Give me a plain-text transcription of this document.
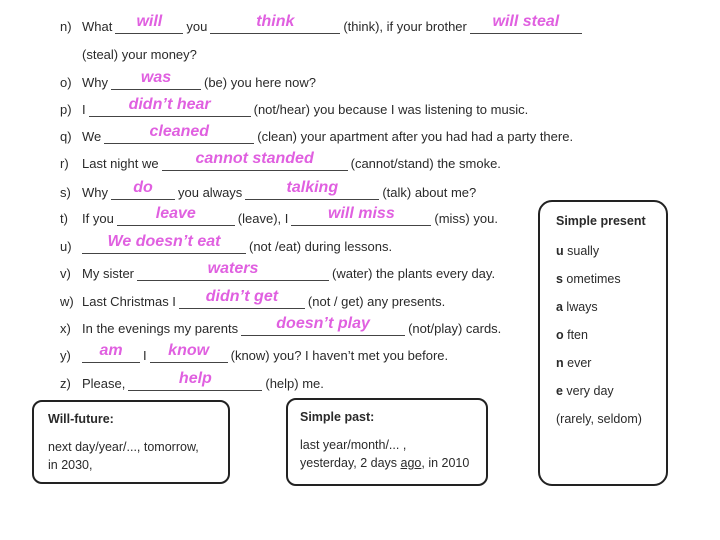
n) What will you	think	(think), if your brother will steal
(steal) your money?
o) Why was	(be) you here now?
p) I	didn’t hear	(not/hear) you because I was listening to music.
q) We	cleaned	(clean) your apartment after you had had a party there.
r)	Last night we cannot standed	(cannot/stand) the smoke.
s) Why do you always	talking	(talk) about me?
t)	If you	leave	(leave), I will miss	(miss) you.
u)	We doesn’t eat (not /eat) during lessons.
v) My sister	waters	(water) the plants every day.
w) Last Christmas I didn’t get (not / get) any presents.
x) In the evenings my parents doesn’t play	(not/play) cards.
y)	am I know (know) you? I haven’t met you before.
z) Please,	help	(help) me.
Will-future:

next day/year/..., tomorrow,

in 2030,

Simple past:

last year/month/... ,

yesterday, 2 days ago, in 2010

Simple present
u sually
s ometimes
a lways
o ften
n ever
e very day
(rarely, seldom)
